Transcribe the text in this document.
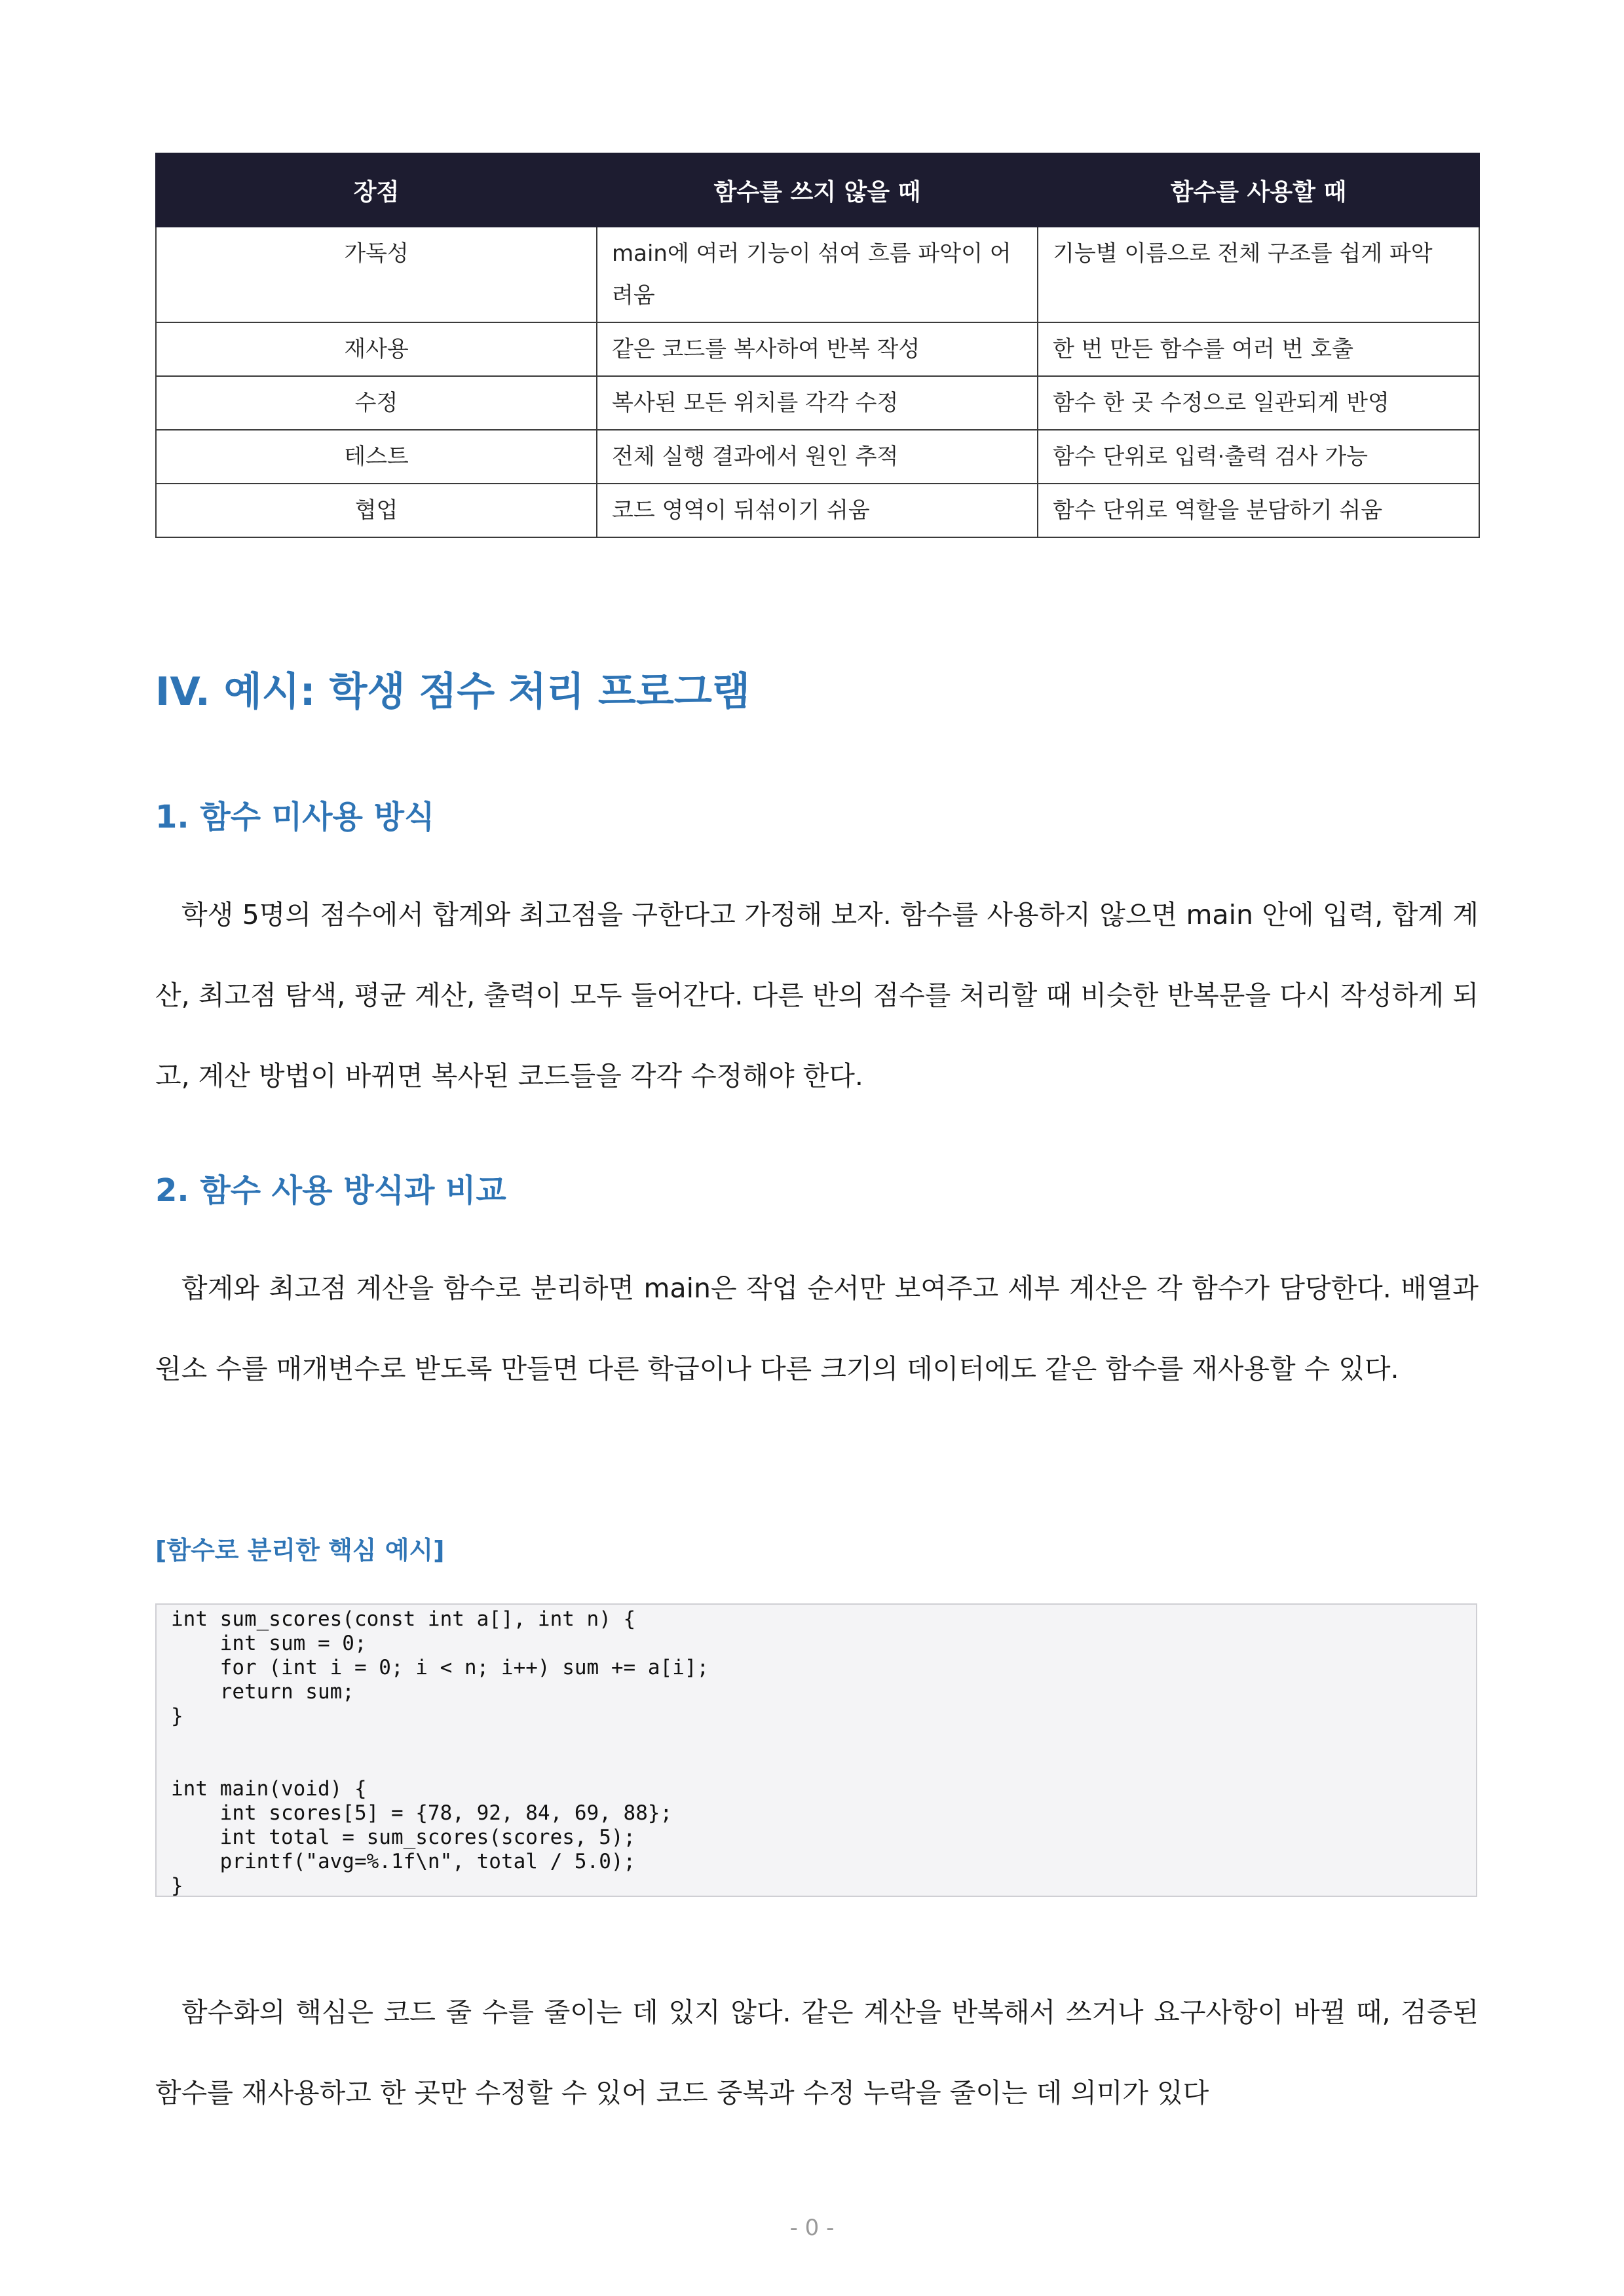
장점	함수를 쓰지 않을 때	함수를 사용할 때
가독성	main에 여러 기능이 섞여 흐름 파악이 어려움	기능별 이름으로 전체 구조를 쉽게 파악
재사용	같은 코드를 복사하여 반복 작성	한 번 만든 함수를 여러 번 호출
수정	복사된 모든 위치를 각각 수정	함수 한 곳 수정으로 일관되게 반영
테스트	전체 실행 결과에서 원인 추적	함수 단위로 입력·출력 검사 가능
협업	코드 영역이 뒤섞이기 쉬움	함수 단위로 역할을 분담하기 쉬움
IV. 예시: 학생 점수 처리 프로그램
1. 함수 미사용 방식

학생 5명의 점수에서 합계와 최고점을 구한다고 가정해 보자. 함수를 사용하지 않으면 main 안에 입력, 합계 계산, 최고점 탐색, 평균 계산, 출력이 모두 들어간다. 다른 반의 점수를 처리할 때 비슷한 반복문을 다시 작성하게 되고, 계산 방법이 바뀌면 복사된 코드들을 각각 수정해야 한다.

2. 함수 사용 방식과 비교

합계와 최고점 계산을 함수로 분리하면 main은 작업 순서만 보여주고 세부 계산은 각 함수가 담당한다. 배열과 원소 수를 매개변수로 받도록 만들면 다른 학급이나 다른 크기의 데이터에도 같은 함수를 재사용할 수 있다.

[함수로 분리한 핵심 예시]
int sum_scores(const int a[], int n) {
int sum = 0;
for (int i = 0; i < n; i++) sum += a[i];
return sum;
}
int main(void) {
int scores[5] = {78, 92, 84, 69, 88};
int total = sum_scores(scores, 5);
printf("avg=%.1f\n", total / 5.0);
}

함수화의 핵심은 코드 줄 수를 줄이는 데 있지 않다. 같은 계산을 반복해서 쓰거나 요구사항이 바뀔 때, 검증된 함수를 재사용하고 한 곳만 수정할 수 있어 코드 중복과 수정 누락을 줄이는 데 의미가 있다

- 0 -
